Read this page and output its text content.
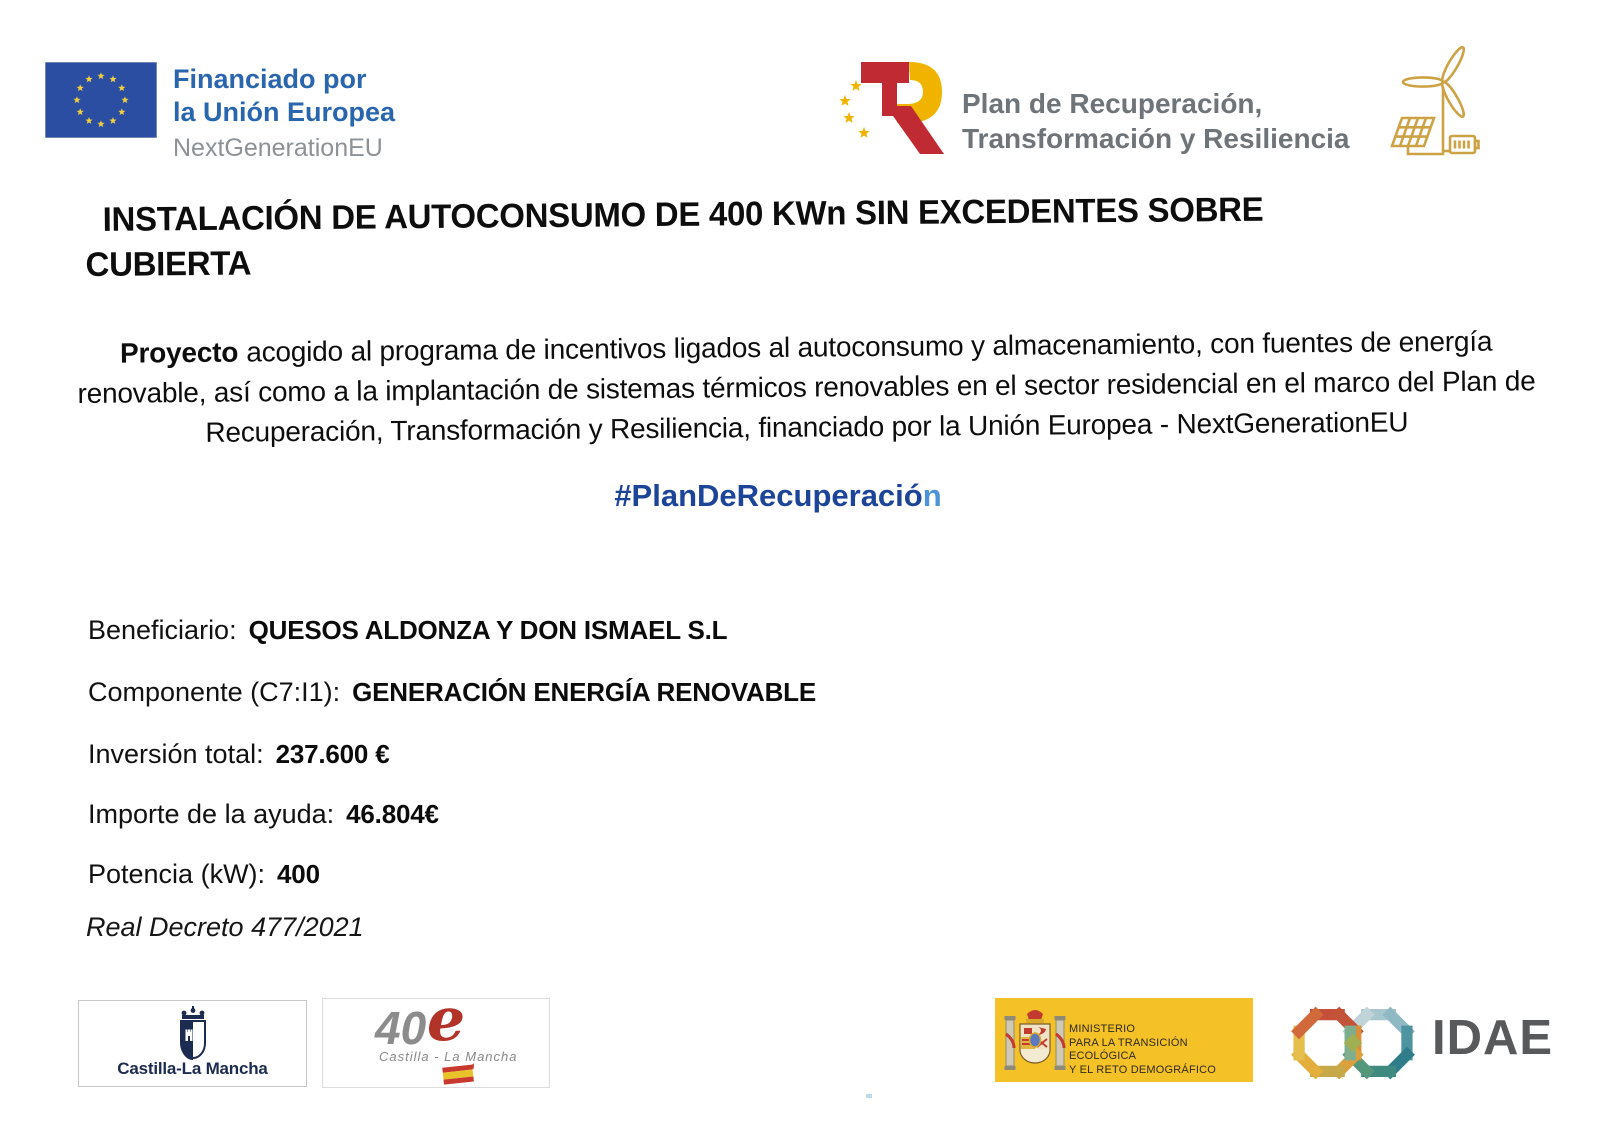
Financiado por
la Unión Europea
NextGenerationEU
Plan de Recuperación,
Transformación y Resiliencia
INSTALACIÓN DE AUTOCONSUMO DE 400 KWn SIN EXCEDENTES SOBRE
CUBIERTA
Proyecto acogido al programa de incentivos ligados al autoconsumo y almacenamiento, con fuentes de energía renovable, así como a la implantación de sistemas térmicos renovables en el sector residencial en el marco del Plan de Recuperación, Transformación y Resiliencia, financiado por la Unión Europea - NextGenerationEU
#PlanDeRecuperación
Beneficiario: QUESOS ALDONZA Y DON ISMAEL S.L
Componente (C7:I1): GENERACIÓN ENERGÍA RENOVABLE
Inversión total: 237.600 €
Importe de la ayuda: 46.804€
Potencia (kW): 400
Real Decreto 477/2021
Castilla-La Mancha
40 e
Castilla - La Mancha
MINISTERIO
PARA LA TRANSICIÓN ECOLÓGICA
Y EL RETO DEMOGRÁFICO
IDAE
